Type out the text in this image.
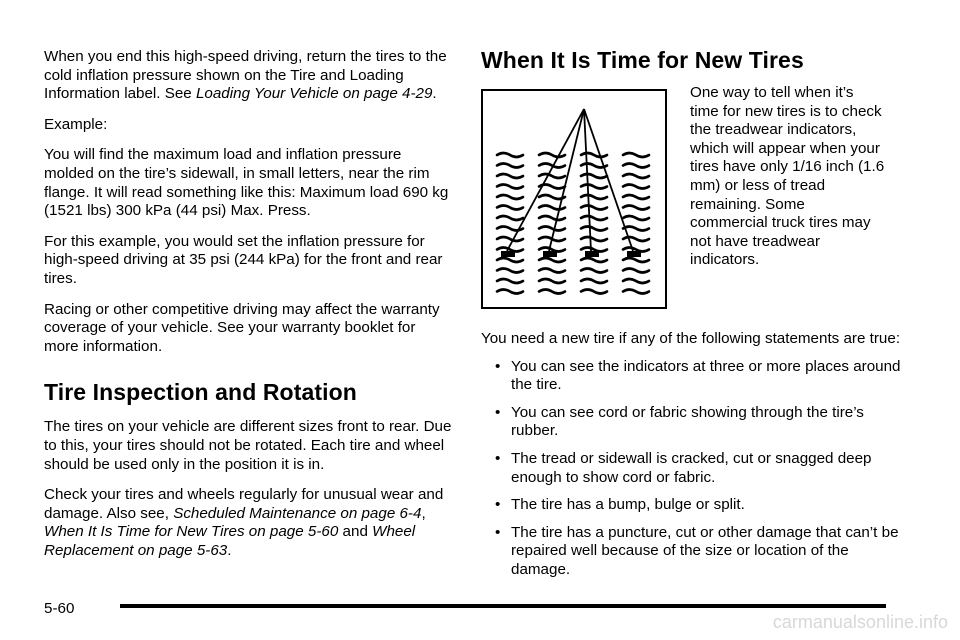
When you end this high-speed driving, return the tires to the cold inflation pressure shown on the Tire and Loading Information label. See Loading Your Vehicle on page 4-29.

Example:

You will find the maximum load and inflation pressure molded on the tire’s sidewall, in small letters, near the rim flange. It will read something like this: Maximum load 690 kg (1521 lbs) 300 kPa (44 psi) Max. Press.

For this example, you would set the inflation pressure for high-speed driving at 35 psi (244 kPa) for the front and rear tires.

Racing or other competitive driving may affect the warranty coverage of your vehicle. See your warranty booklet for more information.

Tire Inspection and Rotation

The tires on your vehicle are different sizes front to rear. Due to this, your tires should not be rotated. Each tire and wheel should be used only in the position it is in.

Check your tires and wheels regularly for unusual wear and damage. Also see, Scheduled Maintenance on page 6-4, When It Is Time for New Tires on page 5-60 and Wheel Replacement on page 5-63.

When It Is Time for New Tires

One way to tell when it’s time for new tires is to check the treadwear indicators, which will appear when your tires have only 1/16 inch (1.6 mm) or less of tread remaining. Some commercial truck tires may not have treadwear indicators.

You need a new tire if any of the following statements are true:

• You can see the indicators at three or more places around the tire.
• You can see cord or fabric showing through the tire’s rubber.
• The tread or sidewall is cracked, cut or snagged deep enough to show cord or fabric.
• The tire has a bump, bulge or split.
• The tire has a puncture, cut or other damage that can’t be repaired well because of the size or location of the damage.
5-60
carmanualsonline.info
